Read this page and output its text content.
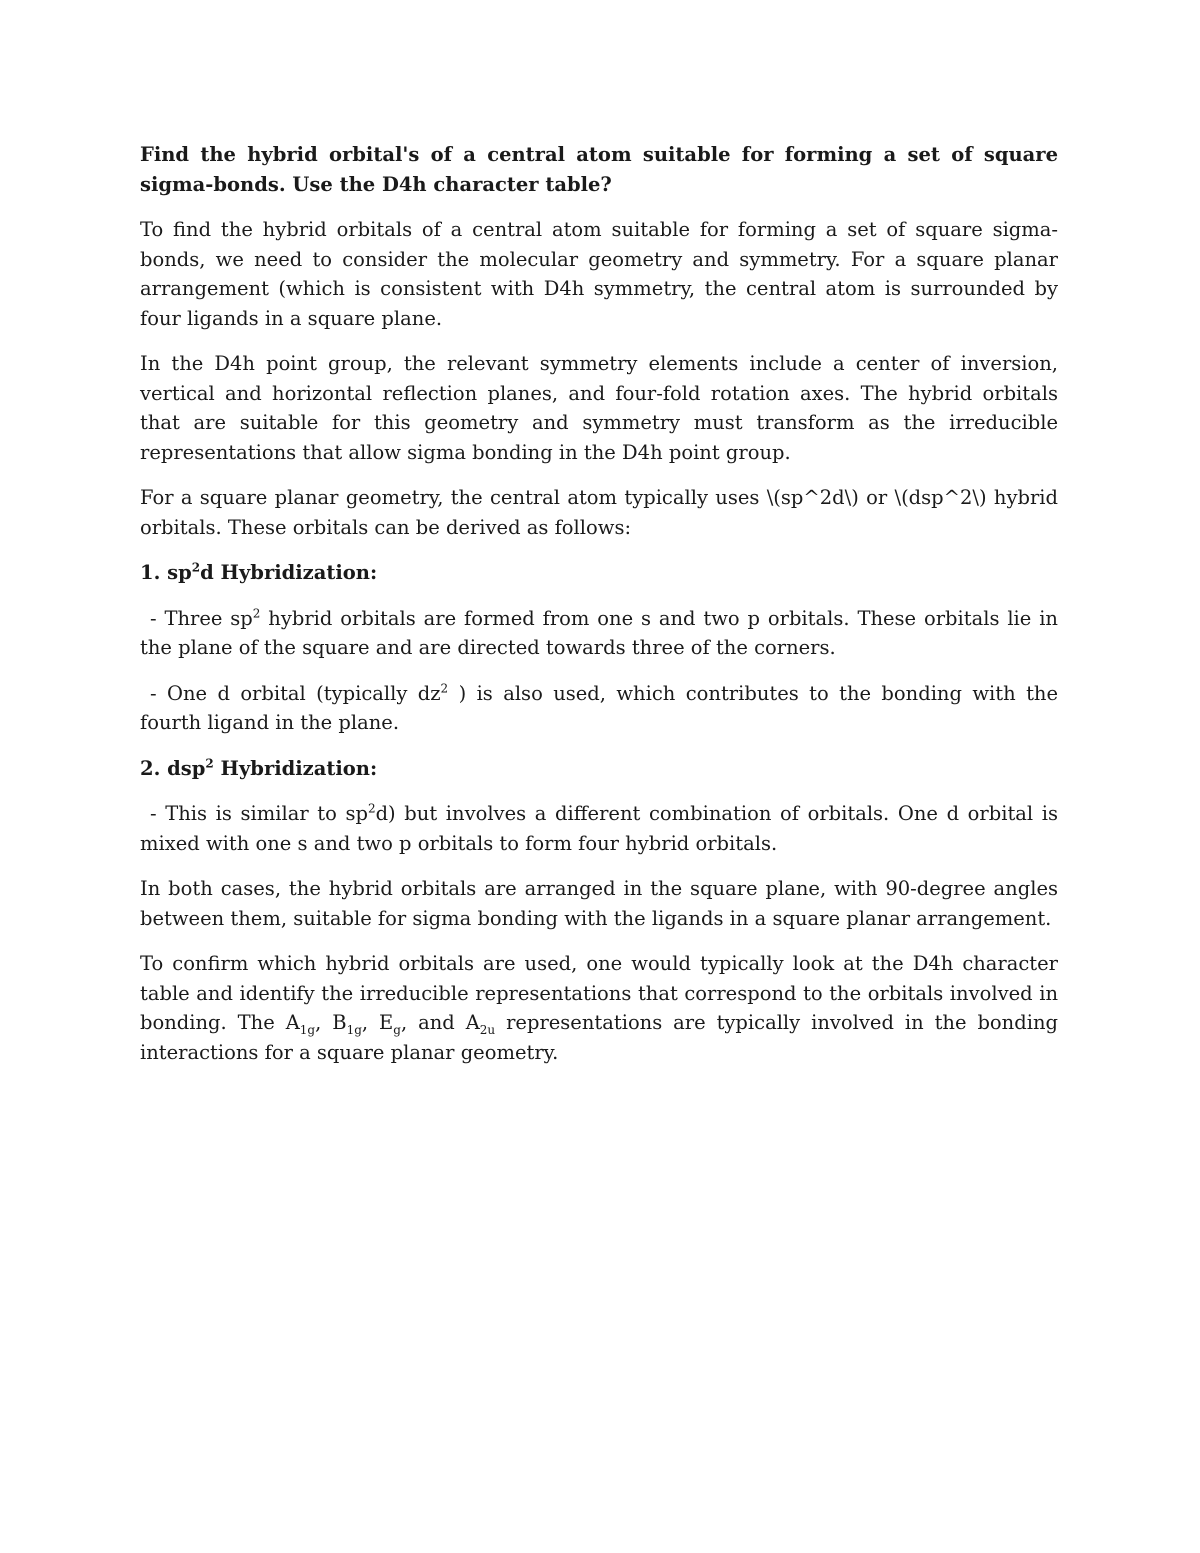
Find the hybrid orbital's of a central atom suitable for forming a set of square sigma-bonds. Use the D4h character table?

To find the hybrid orbitals of a central atom suitable for forming a set of square sigma-bonds, we need to consider the molecular geometry and symmetry. For a square planar arrangement (which is consistent with D4h symmetry, the central atom is surrounded by four ligands in a square plane.

In the D4h point group, the relevant symmetry elements include a center of inversion, vertical and horizontal reflection planes, and four-fold rotation axes. The hybrid orbitals that are suitable for this geometry and symmetry must transform as the irreducible representations that allow sigma bonding in the D4h point group.

For a square planar geometry, the central atom typically uses \(sp^2d\) or \(dsp^2\) hybrid orbitals. These orbitals can be derived as follows:

1. $sp^2d$ Hybridization:

- Three $sp^2$ hybrid orbitals are formed from one s and two p orbitals. These orbitals lie in the plane of the square and are directed towards three of the corners.

- One d orbital (typically $dz^2$ ) is also used, which contributes to the bonding with the fourth ligand in the plane.

2. dsp$^2$ Hybridization:

- This is similar to $sp^2d$) but involves a different combination of orbitals. One d orbital is mixed with one s and two p orbitals to form four hybrid orbitals.

In both cases, the hybrid orbitals are arranged in the square plane, with 90-degree angles between them, suitable for sigma bonding with the ligands in a square planar arrangement.

To confirm which hybrid orbitals are used, one would typically look at the D4h character table and identify the irreducible representations that correspond to the orbitals involved in bonding. The $A_{1g}$, $B_{1g}$, $E_g$, and $A_{2u}$ representations are typically involved in the bonding interactions for a square planar geometry.
